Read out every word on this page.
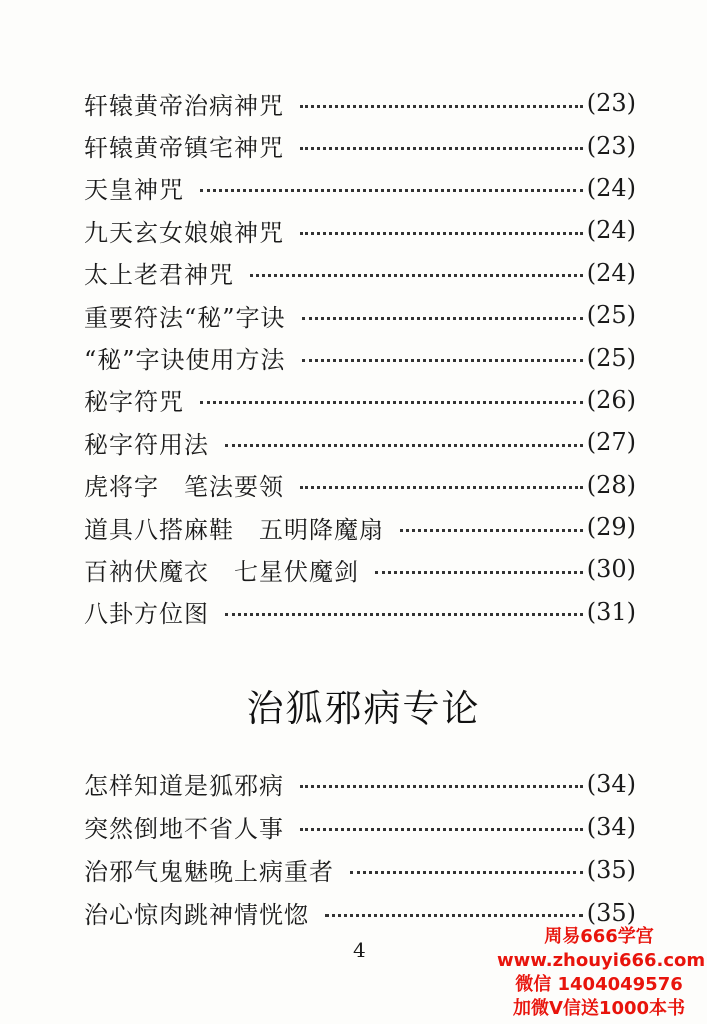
轩辕黄帝治病神咒	(23)
轩辕黄帝镇宅神咒	(23)
天皇神咒	(24)
九天玄女娘娘神咒	(24)
太上老君神咒	(24)
重要符法“秘”字诀	(25)
“秘”字诀使用方法	(25)
秘字符咒	(26)
秘字符用法	(27)
虎将字　笔法要领	(28)
道具八搭麻鞋　五明降魔扇	(29)
百衲伏魔衣　七星伏魔剑	(30)
八卦方位图	(31)
治狐邪病专论
怎样知道是狐邪病	(34)
突然倒地不省人事	(34)
治邪气鬼魅晚上病重者	(35)
治心惊肉跳神情恍惚	(35)
4
周易666学宫
www.zhouyi666.com
微信 1404049576
加微V信送1000本书
